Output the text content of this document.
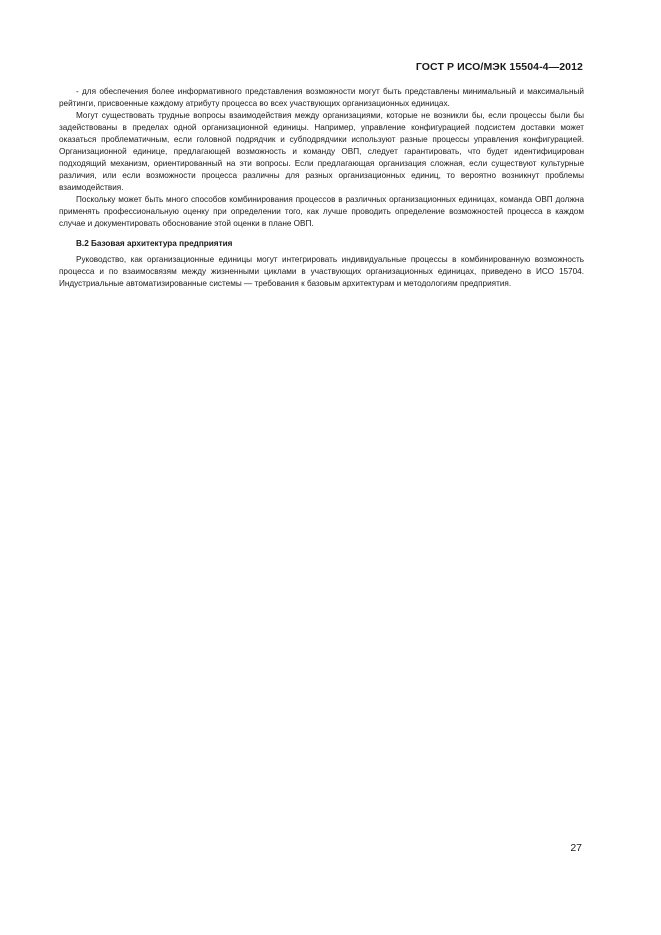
ГОСТ Р ИСО/МЭК 15504-4—2012

- для обеспечения более информативного представления возможности могут быть представлены минимальный и максимальный рейтинги, присвоенные каждому атрибуту процесса во всех участвующих организационных единицах.

Могут существовать трудные вопросы взаимодействия между организациями, которые не возникли бы, если процессы были бы задействованы в пределах одной организационной единицы. Например, управление конфигурацией подсистем доставки может оказаться проблематичным, если головной подрядчик и субподрядчики используют разные процессы управления конфигурацией. Организационной единице, предлагающей возможность и команду ОВП, следует гарантировать, что будет идентифицирован подходящий механизм, ориентированный на эти вопросы. Если предлагающая организация сложная, если существуют культурные различия, или если возможности процесса различны для разных организационных единиц, то вероятно возникнут проблемы взаимодействия.

Поскольку может быть много способов комбинирования процессов в различных организационных единицах, команда ОВП должна применять профессиональную оценку при определении того, как лучше проводить определение возможностей процесса в каждом случае и документировать обоснование этой оценки в плане ОВП.

В.2 Базовая архитектура предприятия

Руководство, как организационные единицы могут интегрировать индивидуальные процессы в комбинированную возможность процесса и по взаимосвязям между жизненными циклами в участвующих организационных единицах, приведено в ИСО 15704. Индустриальные автоматизированные системы — требования к базовым архитектурам и методологиям предприятия.

27
